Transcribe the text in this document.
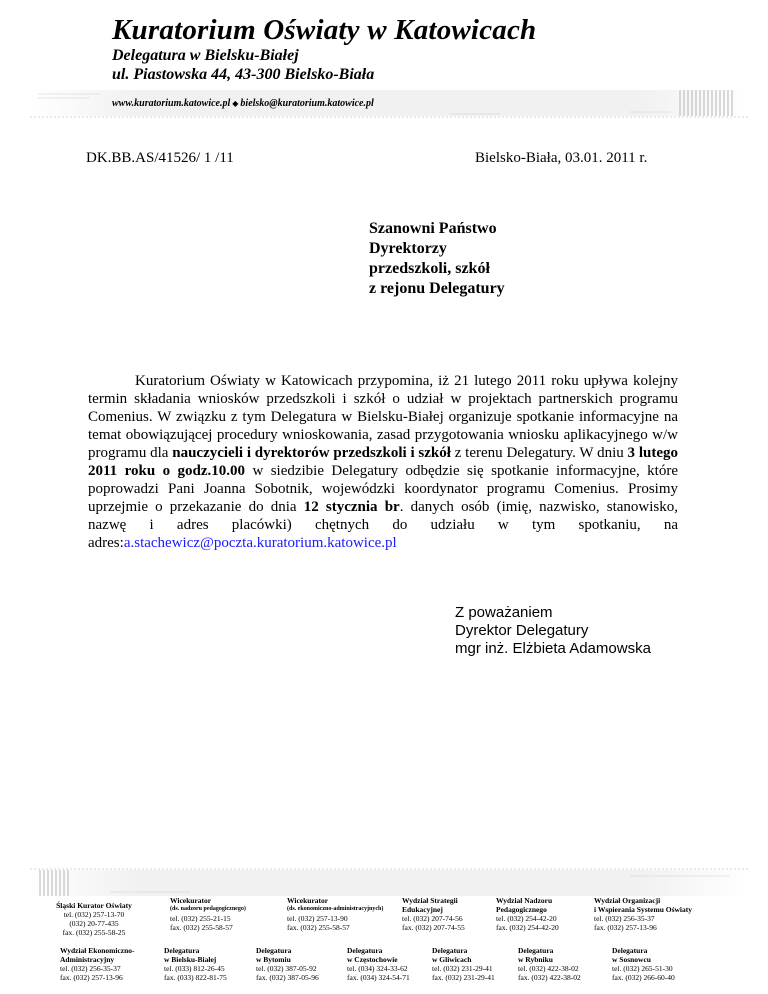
Kuratorium Oświaty w Katowicach
Delegatura w Bielsku-Białej
ul. Piastowska 44, 43-300 Bielsko-Biała
www.kuratorium.katowice.pl ◆ bielsko@kuratorium.katowice.pl
DK.BB.AS/41526/ 1 /11	Bielsko-Biała, 03.01. 2011 r.
Szanowni Państwo
Dyrektorzy
przedszkoli, szkół
z rejonu Delegatury

Kuratorium Oświaty w Katowicach przypomina, iż 21 lutego 2011 roku upływa kolejny termin składania wniosków przedszkoli i szkół o udział w projektach partnerskich programu Comenius. W związku z tym Delegatura w Bielsku-Białej organizuje spotkanie informacyjne na temat obowiązującej procedury wnioskowania, zasad przygotowania wniosku aplikacyjnego w/w programu dla nauczycieli i dyrektorów przedszkoli i szkół z terenu Delegatury. W dniu 3 lutego 2011 roku o godz.10.00 w siedzibie Delegatury odbędzie się spotkanie informacyjne, które poprowadzi Pani Joanna Sobotnik, wojewódzki koordynator programu Comenius. Prosimy uprzejmie o przekazanie do dnia 12 stycznia br. danych osób (imię, nazwisko, stanowisko, nazwę i adres placówki) chętnych do udziału w tym spotkaniu, na adres:a.stachewicz@poczta.kuratorium.katowice.pl

Z poważaniem
Dyrektor Delegatury
mgr inż. Elżbieta Adamowska
Śląski Kurator Oświaty
tel. (032) 257-13-70
(032) 20-77-435
fax. (032) 255-58-25
Wicekurator
(ds. nadzoru pedagogicznego)
tel. (032) 255-21-15
fax. (032) 255-58-57
Wicekurator
(ds. ekonomiczno-administracyjnych)
tel. (032) 257-13-90
fax. (032) 255-58-57
Wydział Strategii
Edukacyjnej
tel. (032) 207-74-56
fax. (032) 207-74-55
Wydział Nadzoru
Pedagogicznego
tel. (032) 254-42-20
fax. (032) 254-42-20
Wydział Organizacji
i Wspierania Systemu Oświaty
tel. (032) 256-35-37
fax. (032) 257-13-96
Wydział Ekonomiczno-
Administracyjny
tel. (032) 256-35-37
fax. (032) 257-13-96
Delegatura
w Bielsku-Białej
tel. (033) 812-26-45
fax. (033) 822-81-75
Delegatura
w Bytomiu
tel. (032) 387-05-92
fax. (032) 387-05-96
Delegatura
w Częstochowie
tel. (034) 324-33-62
fax. (034) 324-54-71
Delegatura
w Gliwicach
tel. (032) 231-29-41
fax. (032) 231-29-41
Delegatura
w Rybniku
tel. (032) 422-38-02
fax. (032) 422-38-02
Delegatura
w Sosnowcu
tel. (032) 265-51-30
fax. (032) 266-60-40
